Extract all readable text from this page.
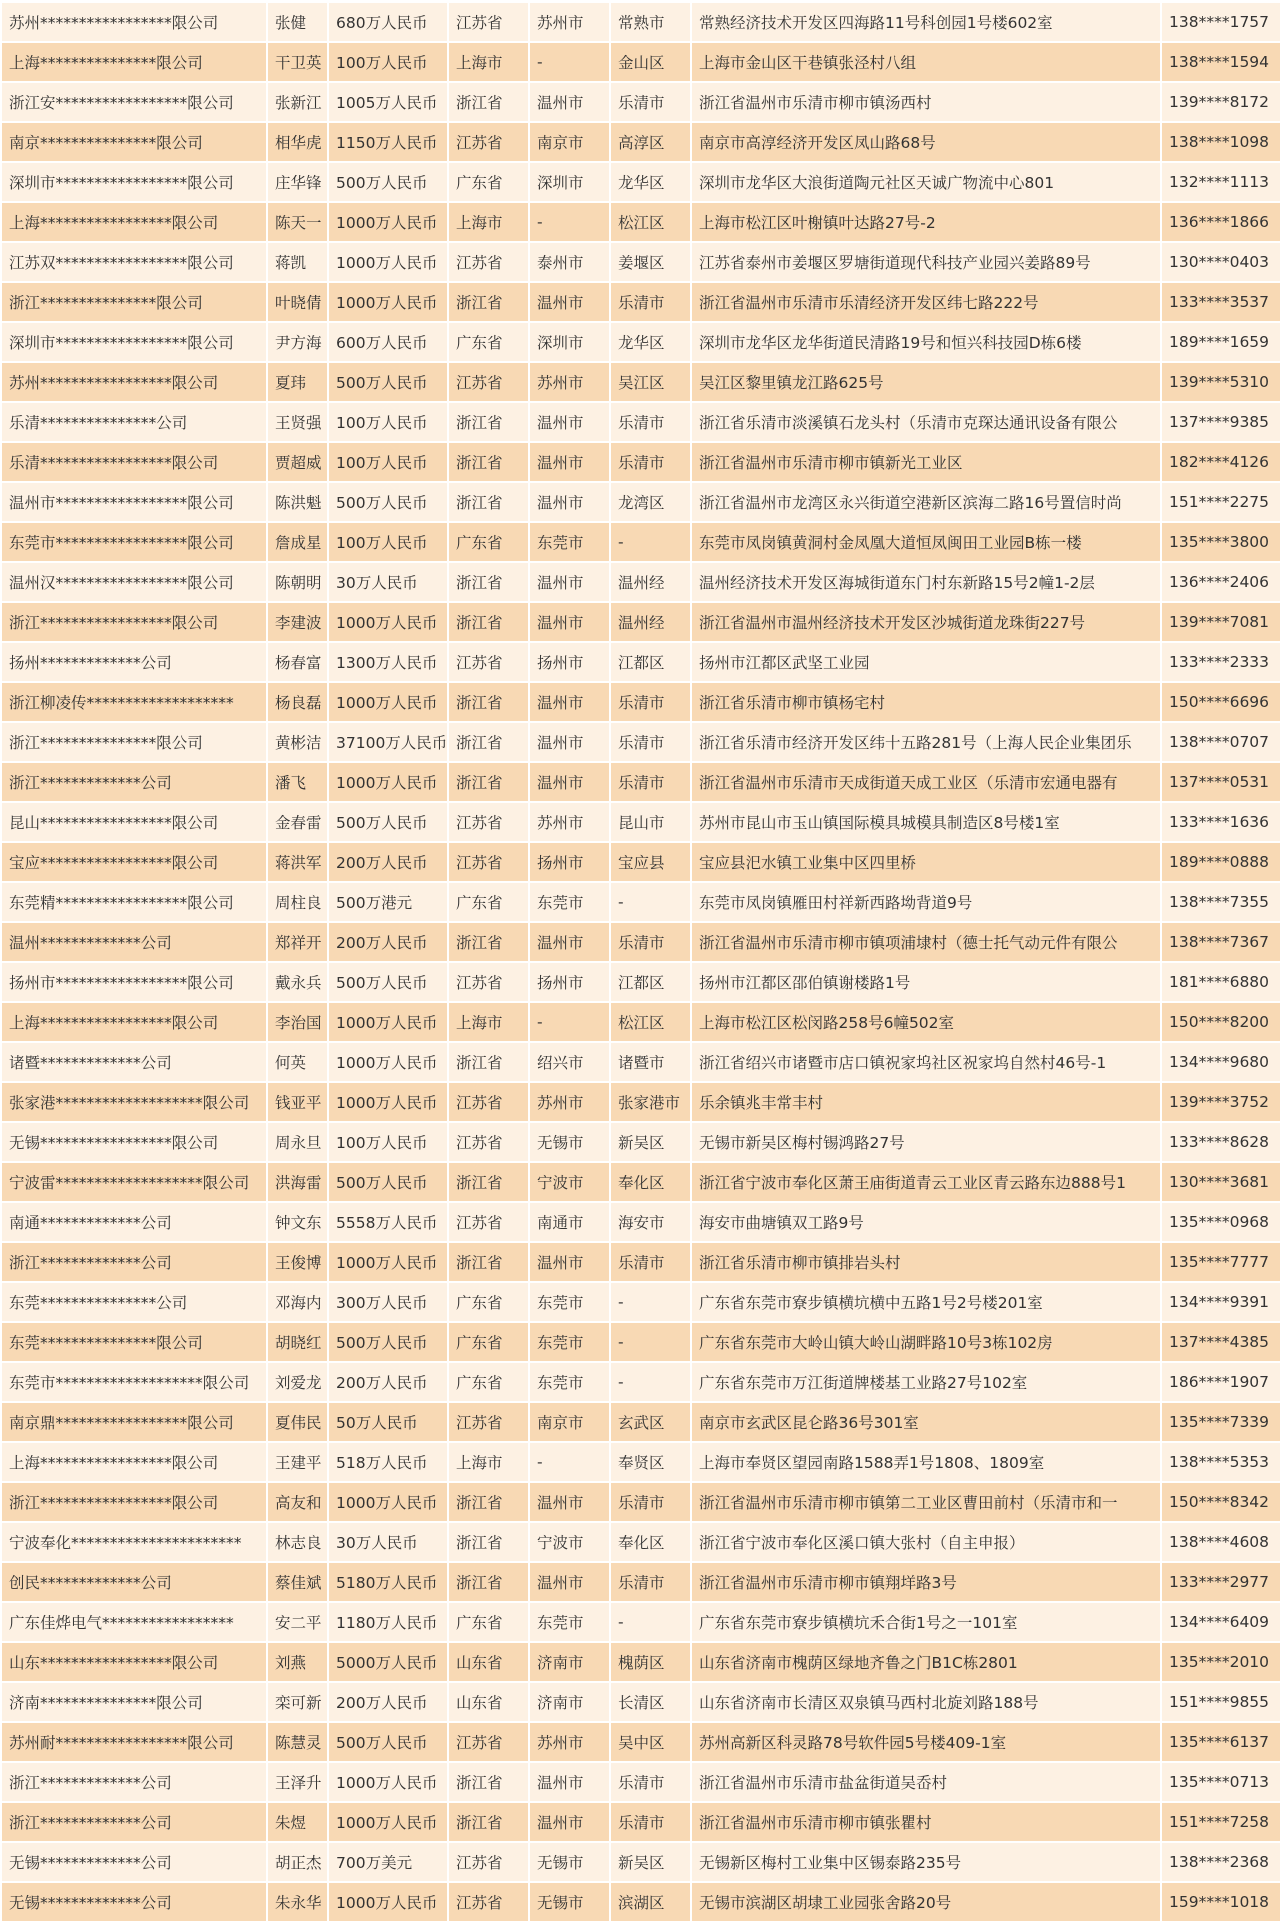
苏州*****************限公司	张健	680万人民币	江苏省	苏州市	常熟市	常熟经济技术开发区四海路11号科创园1号楼602室	138****1757
上海***************限公司	干卫英	100万人民币	上海市	-	金山区	上海市金山区干巷镇张泾村八组	138****1594
浙江安*****************限公司	张新江	1005万人民币	浙江省	温州市	乐清市	浙江省温州市乐清市柳市镇汤西村	139****8172
南京***************限公司	相华虎	1150万人民币	江苏省	南京市	高淳区	南京市高淳经济开发区凤山路68号	138****1098
深圳市*****************限公司	庄华锋	500万人民币	广东省	深圳市	龙华区	深圳市龙华区大浪街道陶元社区天诚广物流中心801	132****1113
上海*****************限公司	陈天一	1000万人民币	上海市	-	松江区	上海市松江区叶榭镇叶达路27号-2	136****1866
江苏双*****************限公司	蒋凯	1000万人民币	江苏省	泰州市	姜堰区	江苏省泰州市姜堰区罗塘街道现代科技产业园兴姜路89号	130****0403
浙江***************限公司	叶晓倩	1000万人民币	浙江省	温州市	乐清市	浙江省温州市乐清市乐清经济开发区纬七路222号	133****3537
深圳市*****************限公司	尹方海	600万人民币	广东省	深圳市	龙华区	深圳市龙华区龙华街道民清路19号和恒兴科技园D栋6楼	189****1659
苏州*****************限公司	夏玮	500万人民币	江苏省	苏州市	吴江区	吴江区黎里镇龙江路625号	139****5310
乐清***************公司	王贤强	100万人民币	浙江省	温州市	乐清市	浙江省乐清市淡溪镇石龙头村（乐清市克琛达通讯设备有限公	137****9385
乐清*****************限公司	贾超威	100万人民币	浙江省	温州市	乐清市	浙江省温州市乐清市柳市镇新光工业区	182****4126
温州市*****************限公司	陈洪魁	500万人民币	浙江省	温州市	龙湾区	浙江省温州市龙湾区永兴街道空港新区滨海二路16号置信时尚	151****2275
东莞市*****************限公司	詹成星	100万人民币	广东省	东莞市	-	东莞市凤岗镇黄洞村金凤凰大道恒凤闽田工业园B栋一楼	135****3800
温州汉*****************限公司	陈朝明	30万人民币	浙江省	温州市	温州经	温州经济技术开发区海城街道东门村东新路15号2幢1-2层	136****2406
浙江*****************限公司	李建波	1000万人民币	浙江省	温州市	温州经	浙江省温州市温州经济技术开发区沙城街道龙珠街227号	139****7081
扬州*************公司	杨春富	1300万人民币	江苏省	扬州市	江都区	扬州市江都区武坚工业园	133****2333
浙江柳凌传*******************	杨良磊	1000万人民币	浙江省	温州市	乐清市	浙江省乐清市柳市镇杨宅村	150****6696
浙江***************限公司	黄彬洁	37100万人民币	浙江省	温州市	乐清市	浙江省乐清市经济开发区纬十五路281号（上海人民企业集团乐	138****0707
浙江*************公司	潘飞	1000万人民币	浙江省	温州市	乐清市	浙江省温州市乐清市天成街道天成工业区（乐清市宏通电器有	137****0531
昆山*****************限公司	金春雷	500万人民币	江苏省	苏州市	昆山市	苏州市昆山市玉山镇国际模具城模具制造区8号楼1室	133****1636
宝应*****************限公司	蒋洪军	200万人民币	江苏省	扬州市	宝应县	宝应县汜水镇工业集中区四里桥	189****0888
东莞精*****************限公司	周柱良	500万港元	广东省	东莞市	-	东莞市凤岗镇雁田村祥新西路坳背道9号	138****7355
温州*************公司	郑祥开	200万人民币	浙江省	温州市	乐清市	浙江省温州市乐清市柳市镇项浦埭村（德士托气动元件有限公	138****7367
扬州市*****************限公司	戴永兵	500万人民币	江苏省	扬州市	江都区	扬州市江都区邵伯镇谢楼路1号	181****6880
上海*****************限公司	李治国	1000万人民币	上海市	-	松江区	上海市松江区松闵路258号6幢502室	150****8200
诸暨*************公司	何英	1000万人民币	浙江省	绍兴市	诸暨市	浙江省绍兴市诸暨市店口镇祝家坞社区祝家坞自然村46号-1	134****9680
张家港*******************限公司	钱亚平	1000万人民币	江苏省	苏州市	张家港市	乐余镇兆丰常丰村	139****3752
无锡*****************限公司	周永旦	100万人民币	江苏省	无锡市	新吴区	无锡市新吴区梅村锡鸿路27号	133****8628
宁波雷*******************限公司	洪海雷	500万人民币	浙江省	宁波市	奉化区	浙江省宁波市奉化区萧王庙街道青云工业区青云路东边888号1	130****3681
南通*************公司	钟文东	5558万人民币	江苏省	南通市	海安市	海安市曲塘镇双工路9号	135****0968
浙江*************公司	王俊博	1000万人民币	浙江省	温州市	乐清市	浙江省乐清市柳市镇排岩头村	135****7777
东莞***************公司	邓海内	300万人民币	广东省	东莞市	-	广东省东莞市寮步镇横坑横中五路1号2号楼201室	134****9391
东莞***************限公司	胡晓红	500万人民币	广东省	东莞市	-	广东省东莞市大岭山镇大岭山湖畔路10号3栋102房	137****4385
东莞市*******************限公司	刘爱龙	200万人民币	广东省	东莞市	-	广东省东莞市万江街道牌楼基工业路27号102室	186****1907
南京鼎*****************限公司	夏伟民	50万人民币	江苏省	南京市	玄武区	南京市玄武区昆仑路36号301室	135****7339
上海*****************限公司	王建平	518万人民币	上海市	-	奉贤区	上海市奉贤区望园南路1588弄1号1808、1809室	138****5353
浙江*****************限公司	高友和	1000万人民币	浙江省	温州市	乐清市	浙江省温州市乐清市柳市镇第二工业区曹田前村（乐清市和一	150****8342
宁波奉化**********************	林志良	30万人民币	浙江省	宁波市	奉化区	浙江省宁波市奉化区溪口镇大张村（自主申报）	138****4608
创民*************公司	蔡佳斌	5180万人民币	浙江省	温州市	乐清市	浙江省温州市乐清市柳市镇翔垟路3号	133****2977
广东佳烨电气*****************	安二平	1180万人民币	广东省	东莞市	-	广东省东莞市寮步镇横坑禾合街1号之一101室	134****6409
山东*****************限公司	刘燕	5000万人民币	山东省	济南市	槐荫区	山东省济南市槐荫区绿地齐鲁之门B1C栋2801	135****2010
济南***************限公司	栾可新	200万人民币	山东省	济南市	长清区	山东省济南市长清区双泉镇马西村北旋刘路188号	151****9855
苏州耐*****************限公司	陈慧灵	500万人民币	江苏省	苏州市	吴中区	苏州高新区科灵路78号软件园5号楼409-1室	135****6137
浙江*************公司	王泽升	1000万人民币	浙江省	温州市	乐清市	浙江省温州市乐清市盐盆街道吴岙村	135****0713
浙江*************公司	朱煜	1000万人民币	浙江省	温州市	乐清市	浙江省温州市乐清市柳市镇张瞿村	151****7258
无锡*************公司	胡正杰	700万美元	江苏省	无锡市	新吴区	无锡新区梅村工业集中区锡泰路235号	138****2368
无锡*************公司	朱永华	1000万人民币	江苏省	无锡市	滨湖区	无锡市滨湖区胡埭工业园张舍路20号	159****1018
